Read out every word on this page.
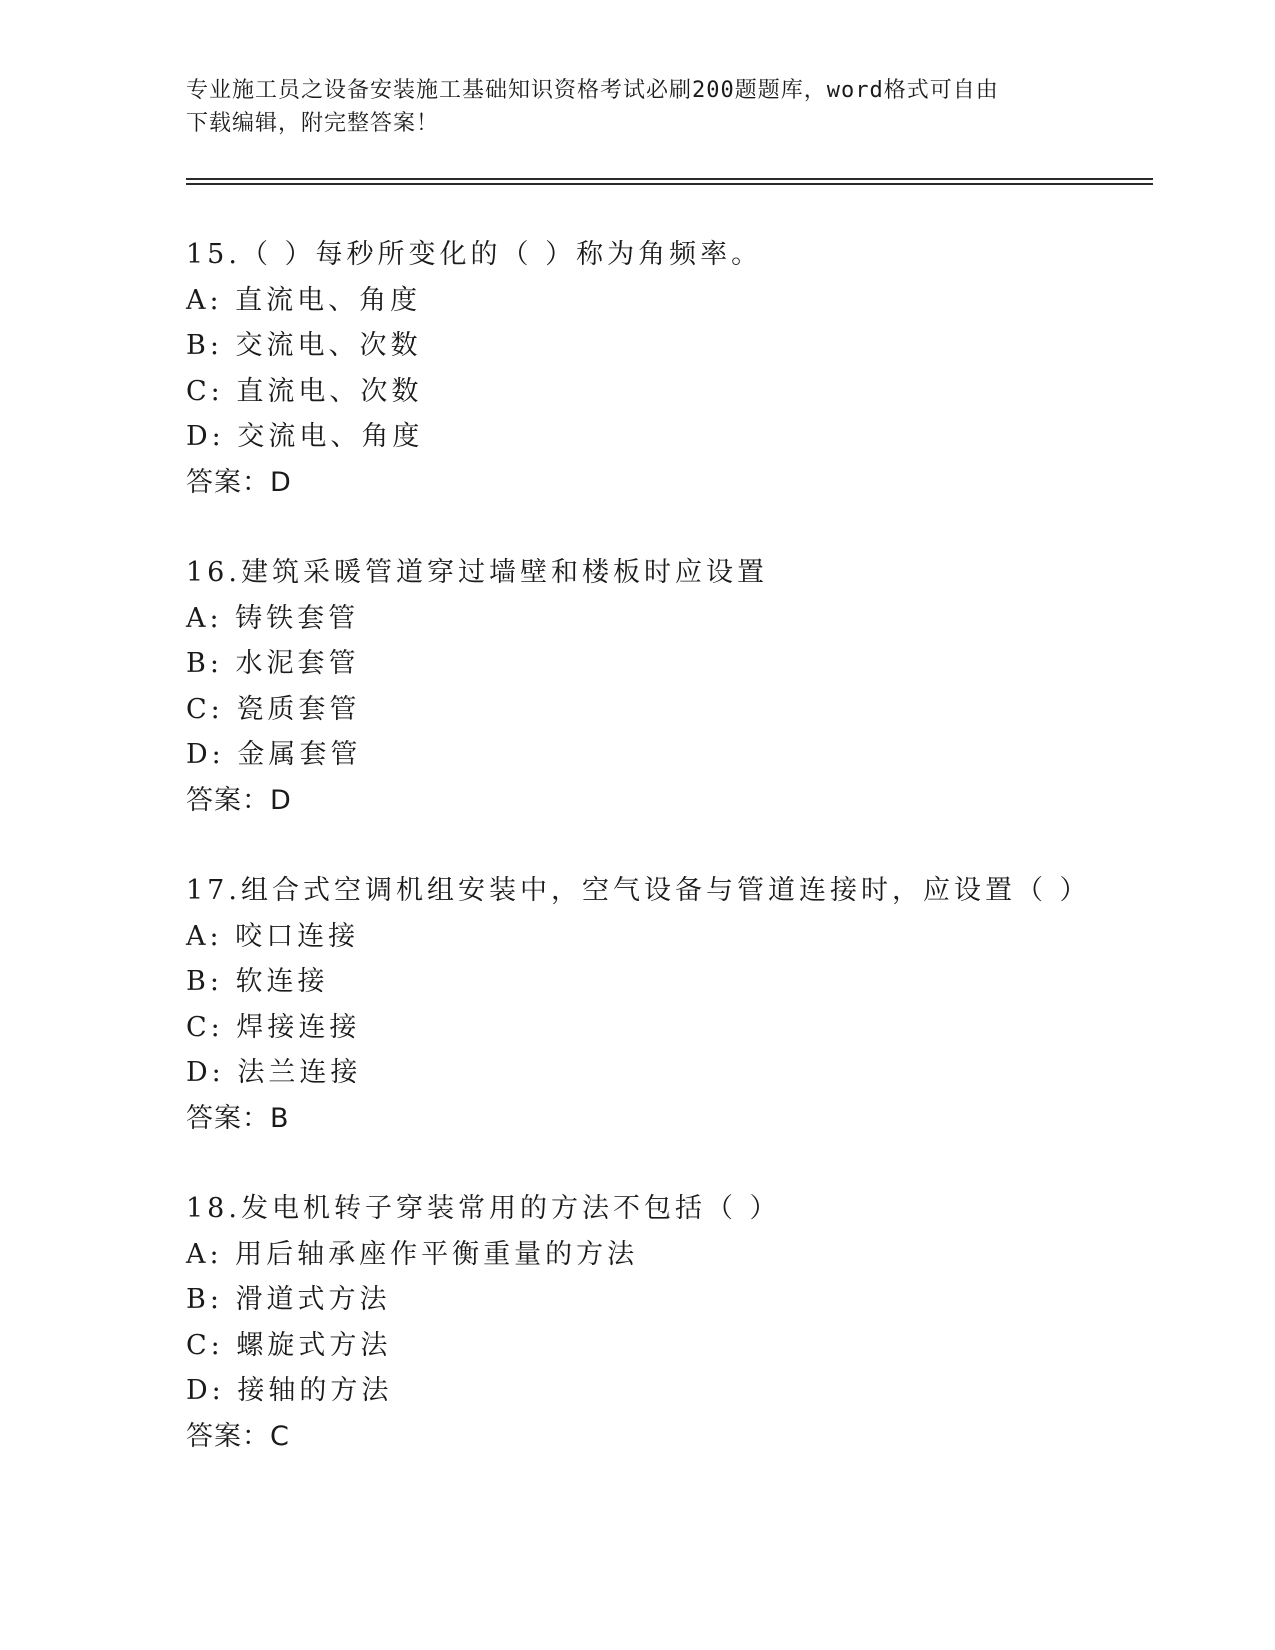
专业施工员之设备安装施工基础知识资格考试必刷200题题库，word格式可自由
下载编辑，附完整答案！
15.（ ）每秒所变化的（ ）称为角频率。
A: 直流电、角度
B: 交流电、次数
C: 直流电、次数
D: 交流电、角度
答案：D
16.建筑采暖管道穿过墙壁和楼板时应设置
A: 铸铁套管
B: 水泥套管
C: 瓷质套管
D: 金属套管
答案：D
17.组合式空调机组安装中，空气设备与管道连接时，应设置（ ）
A: 咬口连接
B: 软连接
C: 焊接连接
D: 法兰连接
答案：B
18.发电机转子穿装常用的方法不包括（ ）
A: 用后轴承座作平衡重量的方法
B: 滑道式方法
C: 螺旋式方法
D: 接轴的方法
答案：C
